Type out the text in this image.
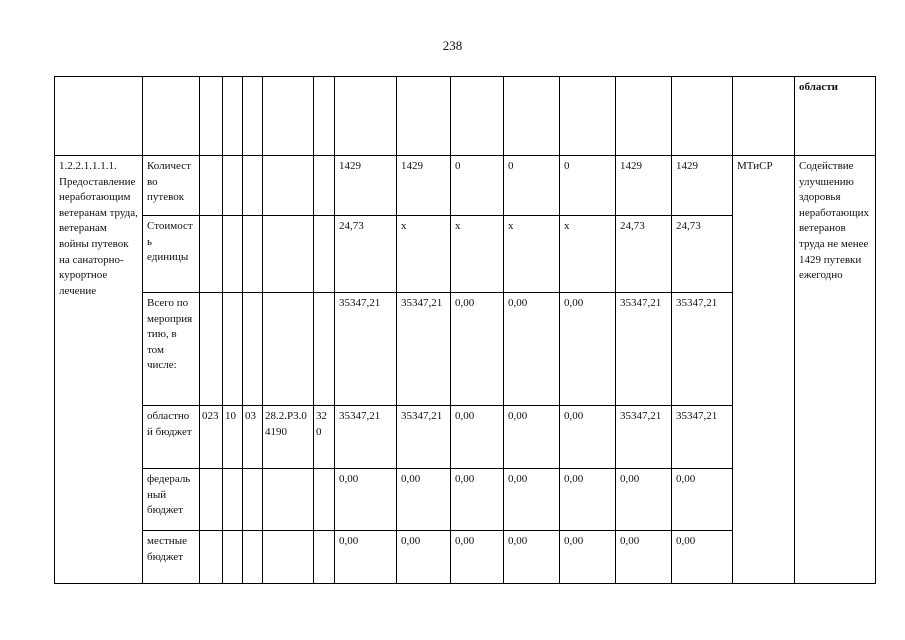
238
															области
1.2.2.1.1.1.1. Предоставление неработающим ветеранам труда, ветеранам войны путевок на санаторно-курортное лечение	Количество путевок						1429	1429	0	0	0	1429	1429	МТиСР	Содействие улучшению здоровья неработающих ветеранов труда не менее 1429 путевки ежегодно
	Стоимость единицы						24,73	х	х	х	х	24,73	24,73		
	Всего по мероприятию, в том числе:						35347,21	35347,21	0,00	0,00	0,00	35347,21	35347,21		
	областной бюджет	023	10	03	28.2.Р3.04190	320	35347,21	35347,21	0,00	0,00	0,00	35347,21	35347,21		
	федеральный бюджет						0,00	0,00	0,00	0,00	0,00	0,00	0,00		
	местные бюджет						0,00	0,00	0,00	0,00	0,00	0,00	0,00		
